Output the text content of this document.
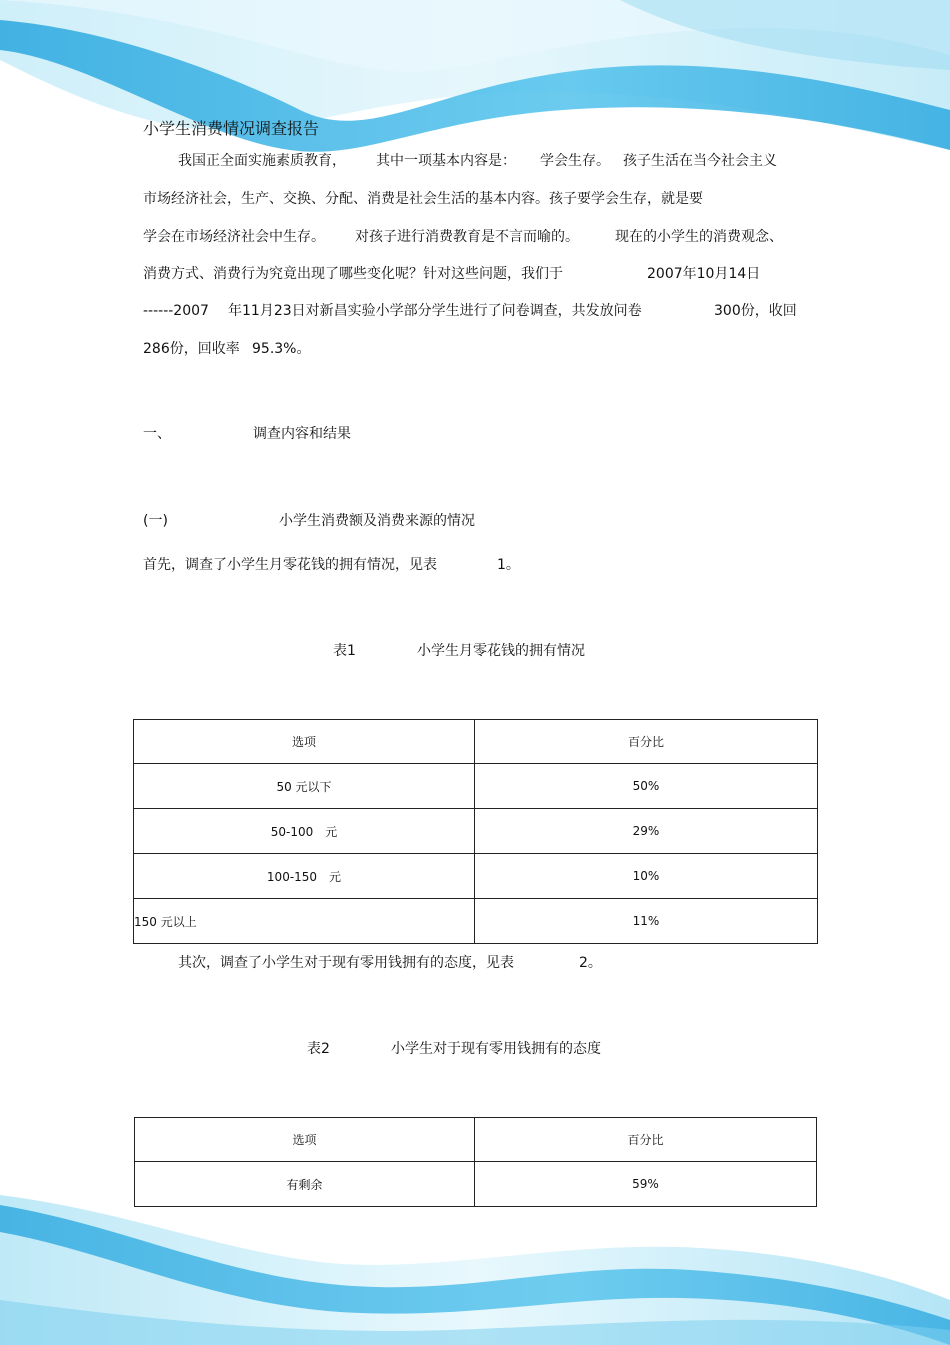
小学生消费情况调查报告
我国正全面实施素质教育， 其中一项基本内容是： 学会生存。 孩子生活在当今社会主义
市场经济社会，生产、交换、分配、消费是社会生活的基本内容。孩子要学会生存，就是要
学会在市场经济社会中生存。 对孩子进行消费教育是不言而喻的。	现在的小学生的消费观念、
消费方式、消费行为究竟出现了哪些变化呢？针对这些问题，我们于	2007年10月14日
------2007 年11月23日对新昌实验小学部分学生进行了问卷调查，共发放问卷	300份，收回
286份，回收率 95.3%。
一、	调查内容和结果
(一)	小学生消费额及消费来源的情况
首先，调查了小学生月零花钱的拥有情况，见表	1。
表1	小学生月零花钱的拥有情况
选项	百分比
50 元以下	50%
50-100　元	29%
100-150　元	10%
150 元以上	11%
其次，调查了小学生对于现有零用钱拥有的态度，见表	2。
表2	小学生对于现有零用钱拥有的态度
选项	百分比
有剩余	59%
